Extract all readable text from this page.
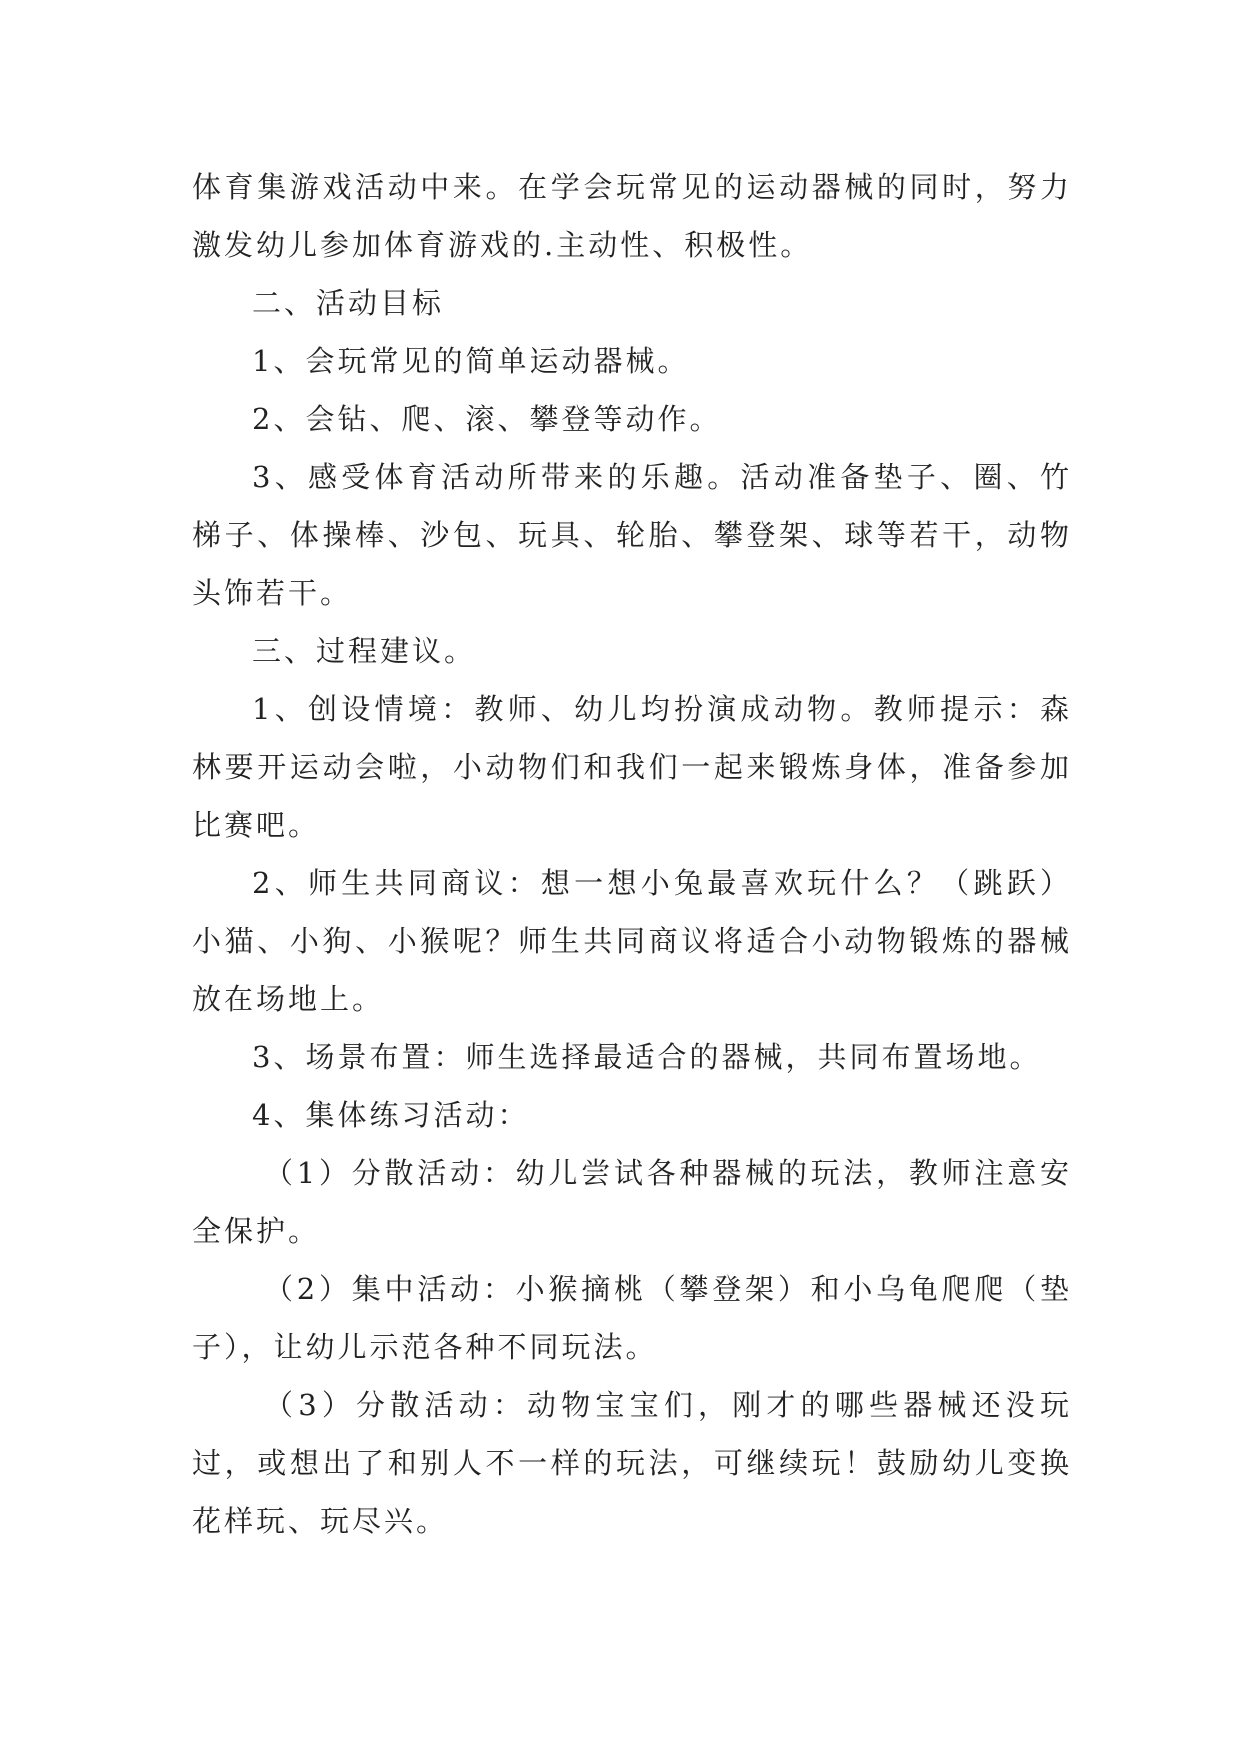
体育集游戏活动中来。在学会玩常见的运动器械的同时，努力激发幼儿参加体育游戏的.主动性、积极性。

二、活动目标

1、会玩常见的简单运动器械。

2、会钻、爬、滚、攀登等动作。

3、感受体育活动所带来的乐趣。活动准备垫子、圈、竹梯子、体操棒、沙包、玩具、轮胎、攀登架、球等若干，动物头饰若干。

三、过程建议。

1、创设情境：教师、幼儿均扮演成动物。教师提示：森林要开运动会啦，小动物们和我们一起来锻炼身体，准备参加比赛吧。

2、师生共同商议：想一想小兔最喜欢玩什么？（跳跃）小猫、小狗、小猴呢？师生共同商议将适合小动物锻炼的器械放在场地上。

3、场景布置：师生选择最适合的器械，共同布置场地。

4、集体练习活动：

（1）分散活动：幼儿尝试各种器械的玩法，教师注意安全保护。

（2）集中活动：小猴摘桃（攀登架）和小乌龟爬爬（垫子），让幼儿示范各种不同玩法。

（3）分散活动：动物宝宝们，刚才的哪些器械还没玩过，或想出了和别人不一样的玩法，可继续玩！鼓励幼儿变换花样玩、玩尽兴。
